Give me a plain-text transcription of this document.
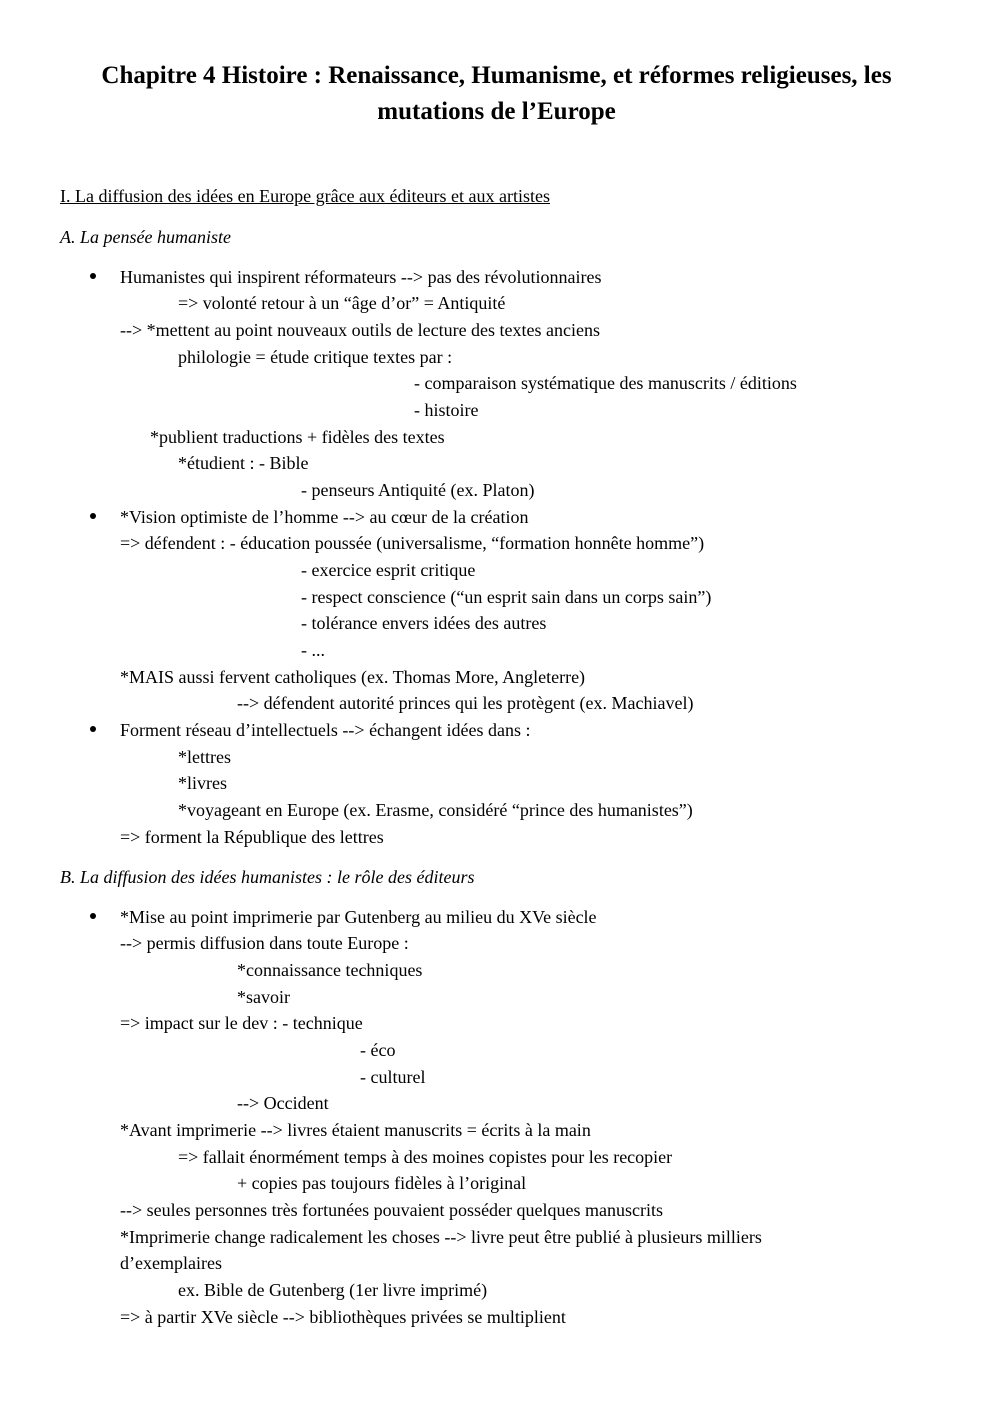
Chapitre 4 Histoire : Renaissance, Humanisme, et réformes religieuses, les
mutations de l’Europe
I. La diffusion des idées en Europe grâce aux éditeurs et aux artistes
A. La pensée humaniste
Humanistes qui inspirent réformateurs --> pas des révolutionnaires
=> volonté retour à un “âge d’or” = Antiquité
--> *mettent au point nouveaux outils de lecture des textes anciens
philologie = étude critique textes par :
- comparaison systématique des manuscrits / éditions
- histoire
*publient traductions + fidèles des textes
*étudient : - Bible
- penseurs Antiquité (ex. Platon)
*Vision optimiste de l’homme --> au cœur de la création
=> défendent : - éducation poussée (universalisme, “formation honnête homme”)
- exercice esprit critique
- respect conscience (“un esprit sain dans un corps sain”)
- tolérance envers idées des autres
- ...
*MAIS aussi fervent catholiques (ex. Thomas More, Angleterre)
--> défendent autorité princes qui les protègent (ex. Machiavel)
Forment réseau d’intellectuels --> échangent idées dans :
*lettres
*livres
*voyageant en Europe (ex. Erasme, considéré “prince des humanistes”)
=> forment la République des lettres
B. La diffusion des idées humanistes : le rôle des éditeurs
*Mise au point imprimerie par Gutenberg au milieu du XVe siècle
--> permis diffusion dans toute Europe :
*connaissance techniques
*savoir
=> impact sur le dev : - technique
- éco
- culturel
--> Occident
*Avant imprimerie --> livres étaient manuscrits = écrits à la main
=> fallait énormément temps à des moines copistes pour les recopier
+ copies pas toujours fidèles à l’original
--> seules personnes très fortunées pouvaient posséder quelques manuscrits
*Imprimerie change radicalement les choses --> livre peut être publié à plusieurs milliers
d’exemplaires
ex. Bible de Gutenberg (1er livre imprimé)
=> à partir XVe siècle --> bibliothèques privées se multiplient
